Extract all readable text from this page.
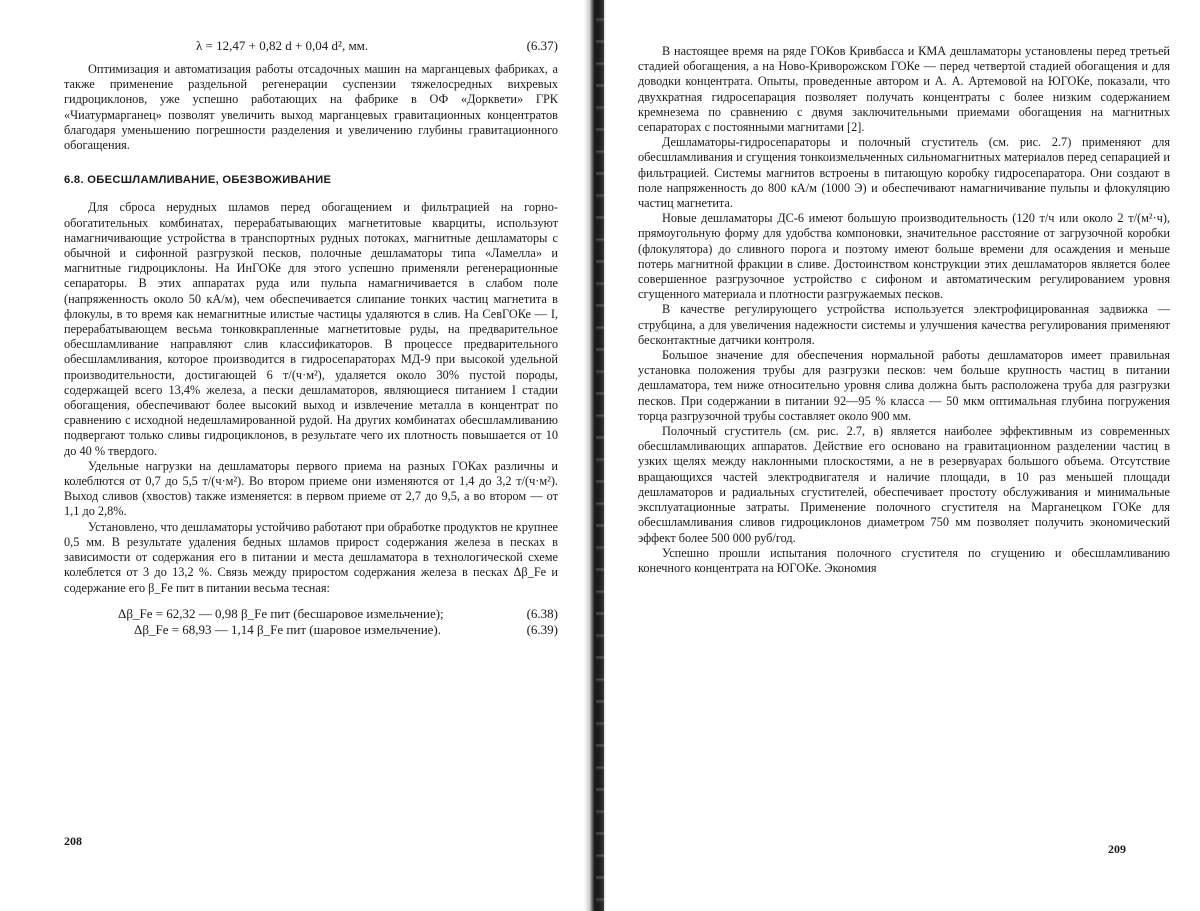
λ = 12,47 + 0,82 d + 0,04 d², мм.	(6.37)

Оптимизация и автоматизация работы отсадочных машин на марганцевых фабриках, а также применение раздельной регенерации суспензии тяжелосредных вихревых гидроциклонов, уже успешно работающих на фабрике в ОФ «Дорквети» ГРК «Чиатурмарганец» позволят увеличить выход марганцевых гравитационных концентратов благодаря уменьшению погрешности разделения и увеличению глубины гравитационного обогащения.

6.8. ОБЕСШЛАМЛИВАНИЕ, ОБЕЗВОЖИВАНИЕ

Для сброса нерудных шламов перед обогащением и фильтрацией на горно-обогатительных комбинатах, перерабатывающих магнетитовые кварциты, используют намагничивающие устройства в транспортных рудных потоках, магнитные дешламаторы с обычной и сифонной разгрузкой песков, полочные дешламаторы типа «Ламелла» и магнитные гидроциклоны. На ИнГОКе для этого успешно применяли регенерационные сепараторы. В этих аппаратах руда или пульпа намагничивается в слабом поле (напряженность около 50 кА/м), чем обеспечивается слипание тонких частиц магнетита в флокулы, в то время как немагнитные илистые частицы удаляются в слив. На СевГОКе — I, перерабатывающем весьма тонковкрапленные магнетитовые руды, на предварительное обесшламливание направляют слив классификаторов. В процессе предварительного обесшламливания, которое производится в гидросепараторах МД-9 при высокой удельной производительности, достигающей 6 т/(ч·м²), удаляется около 30% пустой породы, содержащей всего 13,4% железа, а пески дешламаторов, являющиеся питанием I стадии обогащения, обеспечивают более высокий выход и извлечение металла в концентрат по сравнению с исходной недешламированной рудой. На других комбинатах обесшламливанию подвергают только сливы гидроциклонов, в результате чего их плотность повышается от 10 до 40 % твердого.

Удельные нагрузки на дешламаторы первого приема на разных ГОКах различны и колеблются от 0,7 до 5,5 т/(ч·м²). Во втором приеме они изменяются от 1,4 до 3,2 т/(ч·м²). Выход сливов (хвостов) также изменяется: в первом приеме от 2,7 до 9,5, а во втором — от 1,1 до 2,8%.

Установлено, что дешламаторы устойчиво работают при обработке продуктов не крупнее 0,5 мм. В результате удаления бедных шламов прирост содержания железа в песках в зависимости от содержания его в питании и места дешламатора в технологической схеме колеблется от 3 до 13,2 %. Связь между приростом содержания железа в песках Δβ_Fe и содержание его β_Fe пит в питании весьма тесная:

Δβ_Fe = 62,32 — 0,98 β_Fe пит (бесшаровое измельчение);	(6.38)
Δβ_Fe = 68,93 — 1,14 β_Fe пит (шаровое измельчение).	(6.39)
208

В настоящее время на ряде ГОКов Кривбасса и КМА дешламаторы установлены перед третьей стадией обогащения, а на Ново-Криворожском ГОКе — перед четвертой стадией обогащения и для доводки концентрата. Опыты, проведенные автором и А. А. Артемовой на ЮГОКе, показали, что двухкратная гидросепарация позволяет получать концентраты с более низким содержанием кремнезема по сравнению с двумя заключительными приемами обогащения на магнитных сепараторах с постоянными магнитами [2].

Дешламаторы-гидросепараторы и полочный сгуститель (см. рис. 2.7) применяют для обесшламливания и сгущения тонкоизмельченных сильномагнитных материалов перед сепарацией и фильтрацией. Системы магнитов встроены в питающую коробку гидросепаратора. Они создают в поле напряженность до 800 кА/м (1000 Э) и обеспечивают намагничивание пульпы и флокуляцию частиц магнетита.

Новые дешламаторы ДС-6 имеют большую производительность (120 т/ч или около 2 т/(м²·ч), прямоугольную форму для удобства компоновки, значительное расстояние от загрузочной коробки (флокулятора) до сливного порога и поэтому имеют больше времени для осаждения и меньше потерь магнитной фракции в сливе. Достоинством конструкции этих дешламаторов является более совершенное разгрузочное устройство с сифоном и автоматическим регулированием уровня сгущенного материала и плотности разгружаемых песков.

В качестве регулирующего устройства используется электрофицированная задвижка — струбцина, а для увеличения надежности системы и улучшения качества регулирования применяют бесконтактные датчики контроля.

Большое значение для обеспечения нормальной работы дешламаторов имеет правильная установка положения трубы для разгрузки песков: чем больше крупность частиц в питании дешламатора, тем ниже относительно уровня слива должна быть расположена труба для разгрузки песков. При содержании в питании 92—95 % класса — 50 мкм оптимальная глубина погружения торца разгрузочной трубы составляет около 900 мм.

Полочный сгуститель (см. рис. 2.7, в) является наиболее эффективным из современных обесшламливающих аппаратов. Действие его основано на гравитационном разделении частиц в узких щелях между наклонными плоскостями, а не в резервуарах большого объема. Отсутствие вращающихся частей электродвигателя и наличие площади, в 10 раз меньшей площади дешламаторов и радиальных сгустителей, обеспечивает простоту обслуживания и минимальные эксплуатационные затраты. Применение полочного сгустителя на Марганецком ГОКе для обесшламливания сливов гидроциклонов диаметром 750 мм позволяет получить экономический эффект более 500 000 руб/год.

Успешно прошли испытания полочного сгустителя по сгущению и обесшламливанию конечного концентрата на ЮГОКе. Экономия

209
